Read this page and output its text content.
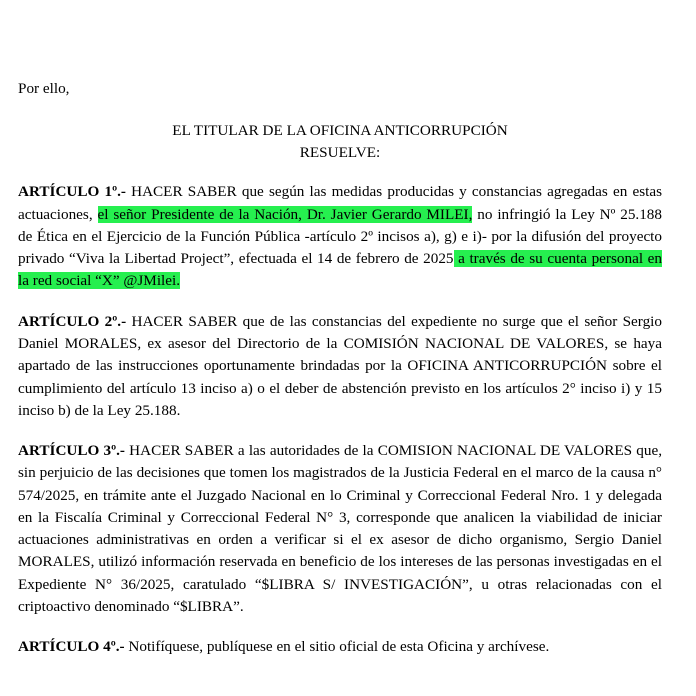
Por ello,

EL TITULAR DE LA OFICINA ANTICORRUPCIÓN
RESUELVE:

ARTÍCULO 1º.- HACER SABER que según las medidas producidas y constancias agregadas en estas actuaciones, el señor Presidente de la Nación, Dr. Javier Gerardo MILEI, no infringió la Ley Nº 25.188 de Ética en el Ejercicio de la Función Pública -artículo 2º incisos a), g) e i)- por la difusión del proyecto privado “Viva la Libertad Project”, efectuada el 14 de febrero de 2025 a través de su cuenta personal en la red social “X” @JMilei.

ARTÍCULO 2º.- HACER SABER que de las constancias del expediente no surge que el señor Sergio Daniel MORALES, ex asesor del Directorio de la COMISIÓN NACIONAL DE VALORES, se haya apartado de las instrucciones oportunamente brindadas por la OFICINA ANTICORRUPCIÓN sobre el cumplimiento del artículo 13 inciso a) o el deber de abstención previsto en los artículos 2° inciso i) y 15 inciso b) de la Ley 25.188.

ARTÍCULO 3º.- HACER SABER a las autoridades de la COMISION NACIONAL DE VALORES que, sin perjuicio de las decisiones que tomen los magistrados de la Justicia Federal en el marco de la causa n° 574/2025, en trámite ante el Juzgado Nacional en lo Criminal y Correccional Federal Nro. 1 y delegada en la Fiscalía Criminal y Correccional Federal N° 3, corresponde que analicen la viabilidad de iniciar actuaciones administrativas en orden a verificar si el ex asesor de dicho organismo, Sergio Daniel MORALES, utilizó información reservada en beneficio de los intereses de las personas investigadas en el Expediente N° 36/2025, caratulado “$LIBRA S/ INVESTIGACIÓN”, u otras relacionadas con el criptoactivo denominado “$LIBRA”.

ARTÍCULO 4º.- Notifíquese, publíquese en el sitio oficial de esta Oficina y archívese.
